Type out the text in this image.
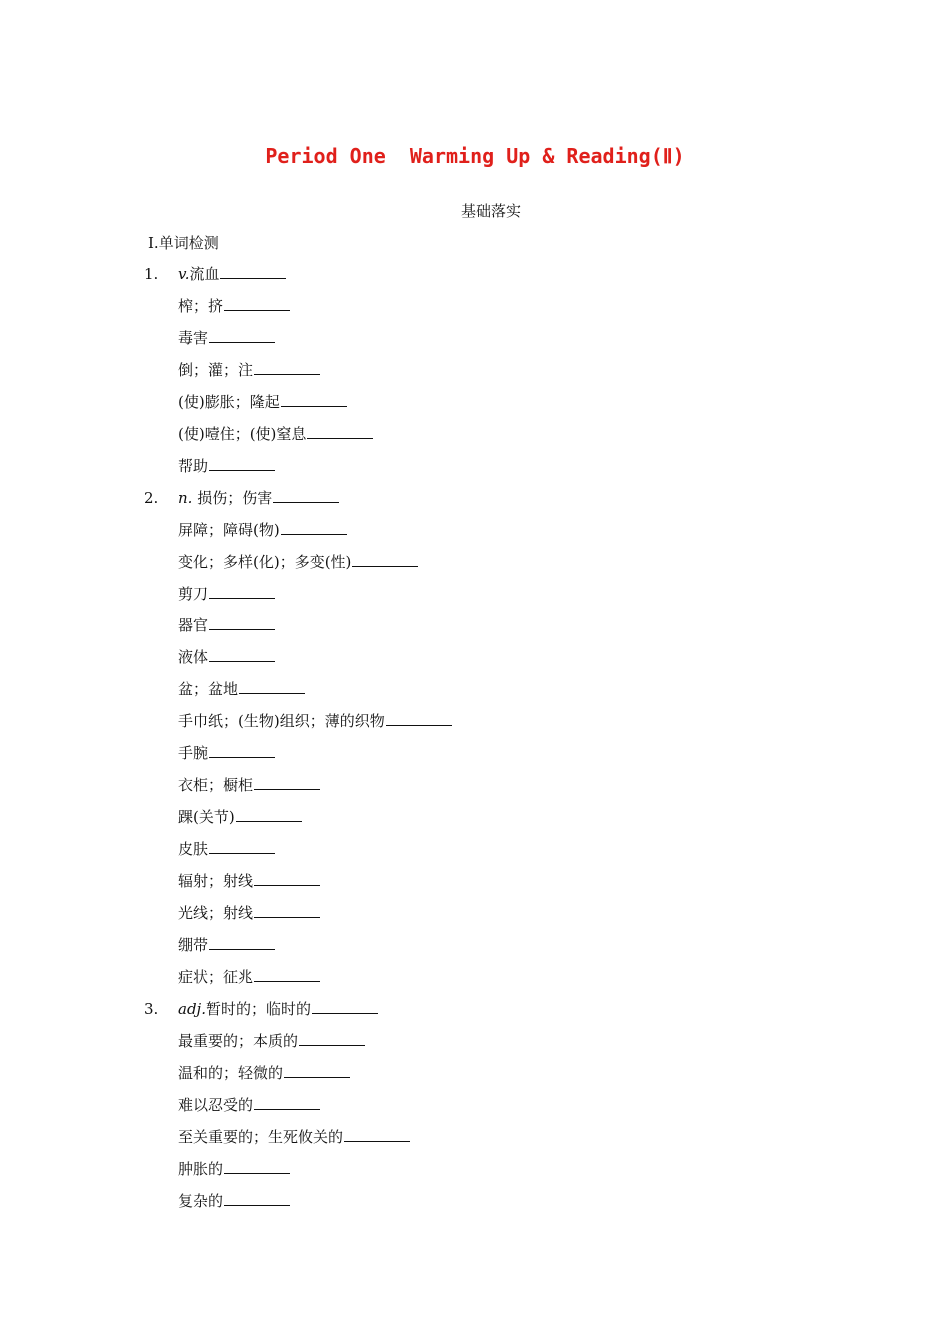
Period One  Warming Up & Reading(Ⅱ)
基础落实
Ⅰ.单词检测
1. v.流血
榨；挤
毒害
倒；灌；注
(使)膨胀；隆起
(使)噎住；(使)窒息
帮助
2. n. 损伤；伤害
屏障；障碍(物)
变化；多样(化)；多变(性)
剪刀
器官
液体
盆；盆地
手巾纸；(生物)组织；薄的织物
手腕
衣柜；橱柜
踝(关节)
皮肤
辐射；射线
光线；射线
绷带
症状；征兆
3. adj.暂时的；临时的
最重要的；本质的
温和的；轻微的
难以忍受的
至关重要的；生死攸关的
肿胀的
复杂的
